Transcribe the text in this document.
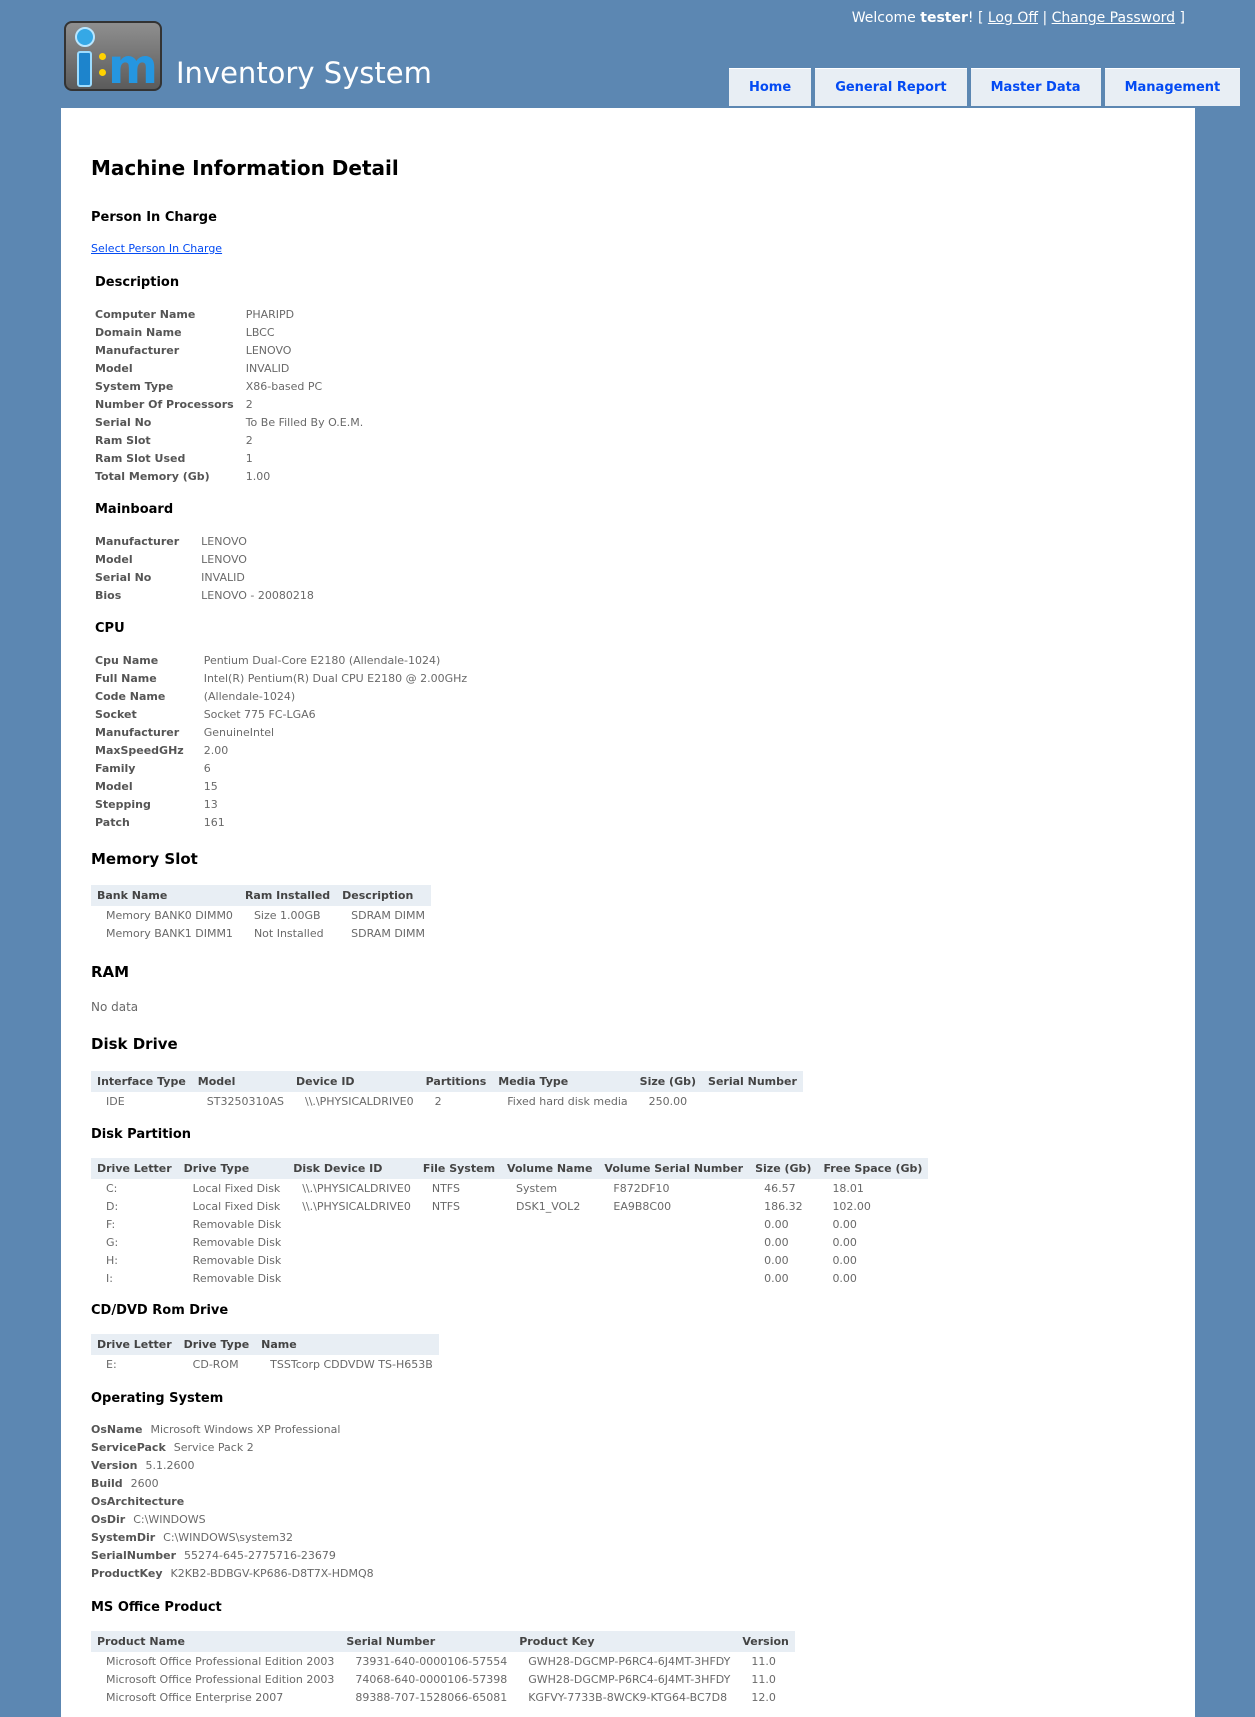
m Inventory System
Welcome tester! [ Log Off | Change Password ]
Home	General Report	Master Data	Management
Machine Information Detail
Person In Charge
Select Person In Charge
Description
Computer Name	PHARIPD
Domain Name	LBCC
Manufacturer	LENOVO
Model	INVALID
System Type	X86-based PC
Number Of Processors	2
Serial No	To Be Filled By O.E.M.
Ram Slot	2
Ram Slot Used	1
Total Memory (Gb)	1.00
Mainboard
Manufacturer	LENOVO
Model	LENOVO
Serial No	INVALID
Bios	LENOVO - 20080218
CPU
Cpu Name	Pentium Dual-Core E2180 (Allendale-1024)
Full Name	Intel(R) Pentium(R) Dual CPU E2180 @ 2.00GHz
Code Name	(Allendale-1024)
Socket	Socket 775 FC-LGA6
Manufacturer	GenuineIntel
MaxSpeedGHz	2.00
Family	6
Model	15
Stepping	13
Patch	161
Memory Slot
Bank Name	Ram Installed	Description
Memory BANK0 DIMM0	Size 1.00GB	SDRAM DIMM
Memory BANK1 DIMM1	Not Installed	SDRAM DIMM
RAM
No data
Disk Drive
Interface Type	Model	Device ID	Partitions	Media Type	Size (Gb)	Serial Number
IDE	ST3250310AS	\\.\PHYSICALDRIVE0	2	Fixed hard disk media	250.00	
Disk Partition
Drive Letter	Drive Type	Disk Device ID	File System	Volume Name	Volume Serial Number	Size (Gb)	Free Space (Gb)
C:	Local Fixed Disk	\\.\PHYSICALDRIVE0	NTFS	System	F872DF10	46.57	18.01
D:	Local Fixed Disk	\\.\PHYSICALDRIVE0	NTFS	DSK1_VOL2	EA9B8C00	186.32	102.00
F:	Removable Disk					0.00	0.00
G:	Removable Disk					0.00	0.00
H:	Removable Disk					0.00	0.00
I:	Removable Disk					0.00	0.00
CD/DVD Rom Drive
Drive Letter	Drive Type	Name
E:	CD-ROM	TSSTcorp CDDVDW TS-H653B
Operating System
OsName Microsoft Windows XP Professional
ServicePack Service Pack 2
Version 5.1.2600
Build 2600
OsArchitecture
OsDir C:\WINDOWS
SystemDir C:\WINDOWS\system32
SerialNumber 55274-645-2775716-23679
ProductKey K2KB2-BDBGV-KP686-D8T7X-HDMQ8
MS Office Product
Product Name	Serial Number	Product Key	Version
Microsoft Office Professional Edition 2003	73931-640-0000106-57554	GWH28-DGCMP-P6RC4-6J4MT-3HFDY	11.0
Microsoft Office Professional Edition 2003	74068-640-0000106-57398	GWH28-DGCMP-P6RC4-6J4MT-3HFDY	11.0
Microsoft Office Enterprise 2007	89388-707-1528066-65081	KGFVY-7733B-8WCK9-KTG64-BC7D8	12.0
